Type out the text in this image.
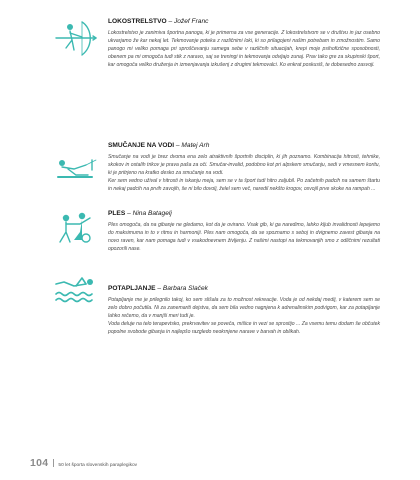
LOKOSTRELSTVO – Jožef Franc
Lokostrelstvo je zanimiva športna panoga, ki je primerna za vse generacije. Z lokostrelstvom se v društvu in jaz osebno ukvarjamo že kar nekaj let. Tekmovanje poteka z različnimi loki, ki so prilagojeni našim potrebam in zmožnostim. Samo panogo mi veliko pomaga pri sproščevanju samega sebe v različnih situacijah, krepi moje psihofizične sposobnosti, obenem pa mi omogoča tudi stik z naravo, saj se treningi in tekmovanja odvijajo zunaj. Prav tako gre za skupinski šport, kar omogoča veliko druženja in izmenjavanja izkušenj z drugimi tekmovalci. Ko enkrat poskusiš, te dobesedno zasvoji.
SMUČANJE NA VODI – Matej Arh
Smučanje na vodi je brez dvoma ena zelo atraktivnih športnih disciplin, ki jih poznamo. Kombinacija hitrosti, tehnike, skokov in ostalih trikov je prava paša za oči. Smučar-invalid, podobno kot pri alpskem smučanju, sedi v vmesnem koritu, ki je pritrjeno na kratko desko za smučanje na vodi.
Ker sem vedno užival v hitrosti in iskanju meja, sem se v ta šport tudi hitro zaljubil. Po začetnih padcih na samem štartu in nekaj padcih na prvih zavojih, še ni bilo dovolj, želel sem več, naredil nekšto krogov, osvojil prve skoke na rampah ...
PLES – Nina Batagelj
Ples omogoča, da na gibanje ne gledamo, kot da je ovirano. Vsak gib, ki ga naredimo, lahko kljub invalidnosti lepejemo do maksimuma in to v ritmu in harmoniji. Ples nam omogoča, da se spoznamo s seboj in dvignemo zavest gibanja na novo raven, kar nam pomaga tudi v vsakodnevnem življenju. Z našimi nastopi na tekmovanjih smo z odličnimi rezultati opozorili nase.
POTAPLJANJE – Barbara Slaček
Potapljanje me je prilegnilo takoj, ko sem slišala za to možnost rekreacije. Voda je od nekdaj medij, v katerem sem se zelo dobro počutila. Ni za zanemariti dejstva, da sem bila vedno nagnjena k adrenalinskim podvigom, kar za potapljanje lahko rečemo, da v manjši meri tudi je.
Voda deluje na telo terapevtsko, prekrvavitev se poveča, mišice in vezi se sprostijo ... Za vsemu temu dodam še občutek popolne svobode gibanja in najlepšo razgledo neokrnjene narave v barvah in oblikah.
104 50 let športa slovenskih paraplegikov
